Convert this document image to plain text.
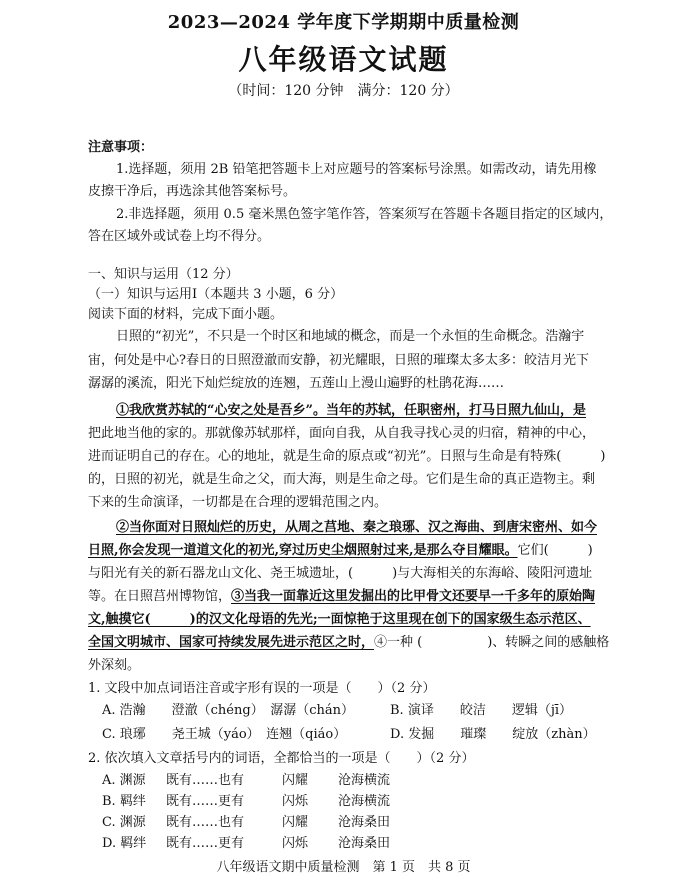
2023—2024 学年度下学期期中质量检测
八年级语文试题
（时间：120 分钟　满分：120 分）
注意事项：
1.选择题，须用 2B 铅笔把答题卡上对应题号的答案标号涂黑。如需改动，请先用橡
皮擦干净后，再选涂其他答案标号。
2.非选择题，须用 0.5 毫米黑色签字笔作答，答案须写在答题卡各题目指定的区域内，
答在区域外或试卷上均不得分。
一、知识与运用（12 分）
（一）知识与运用Ⅰ（本题共 3 小题，6 分）
阅读下面的材料，完成下面小题。
日照的“初光”，不只是一个时区和地域的概念，而是一个永恒的生命概念。浩瀚宇
宙，何处是中心?春日的日照澄澈而安静，初光耀眼，日照的璀璨太多太多：皎洁月光下
潺潺的溪流，阳光下灿烂绽放的连翘，五莲山上漫山遍野的杜鹃花海……
①我欣赏苏轼的“心安之处是吾乡”。当年的苏轼，任职密州，打马日照九仙山，是
把此地当他的家的。那就像苏轼那样，面向自我，从自我寻找心灵的归宿，精神的中心，
进而证明自己的存在。心的地址，就是生命的原点或“初光”。日照与生命是有特殊(　　　)
的，日照的初光，就是生命之父，而大海，则是生命之母。它们是生命的真正造物主。剩
下来的生命演译，一切都是在合理的逻辑范围之内。
②当你面对日照灿烂的历史，从周之莒地、秦之琅琊、汉之海曲、到唐宋密州、如今
日照,你会发现一道道文化的初光,穿过历史尘烟照射过来,是那么夺目耀眼。它们(　　　)
与阳光有关的新石器龙山文化、尧王城遗址，(　　　)与大海相关的东海峪、陵阳河遗址
等。在日照莒州博物馆，③当我一面靠近这里发掘出的比甲骨文还要早一千多年的原始陶
文,触摸它(　　　)的汉文化母语的先光;一面惊艳于这里现在创下的国家级生态示范区、
全国文明城市、国家可持续发展先进示范区之时，④一种 (　　　　　)、转瞬之间的感触格
外深刻。
1. 文段中加点词语注音或字形有误的一项是（　　）（2 分）
A. 浩瀚　　澄澈（chéng）　潺潺（chán）	B. 演译　　皎洁　　逻辑（jī）
C. 琅琊　　尧王城（yáo）　连翘（qiáo）	D. 发掘　　璀璨　　绽放（zhàn）
2. 依次填入文章括号内的词语，全都恰当的一项是（　　）（2 分）
A. 渊源 既有……也有	闪耀 沧海横流
B. 羁绊 既有……更有	闪烁 沧海横流
C. 渊源 既有……也有	闪耀 沧海桑田
D. 羁绊 既有……更有	闪烁 沧海桑田
八年级语文期中质量检测　第 1 页　共 8 页
